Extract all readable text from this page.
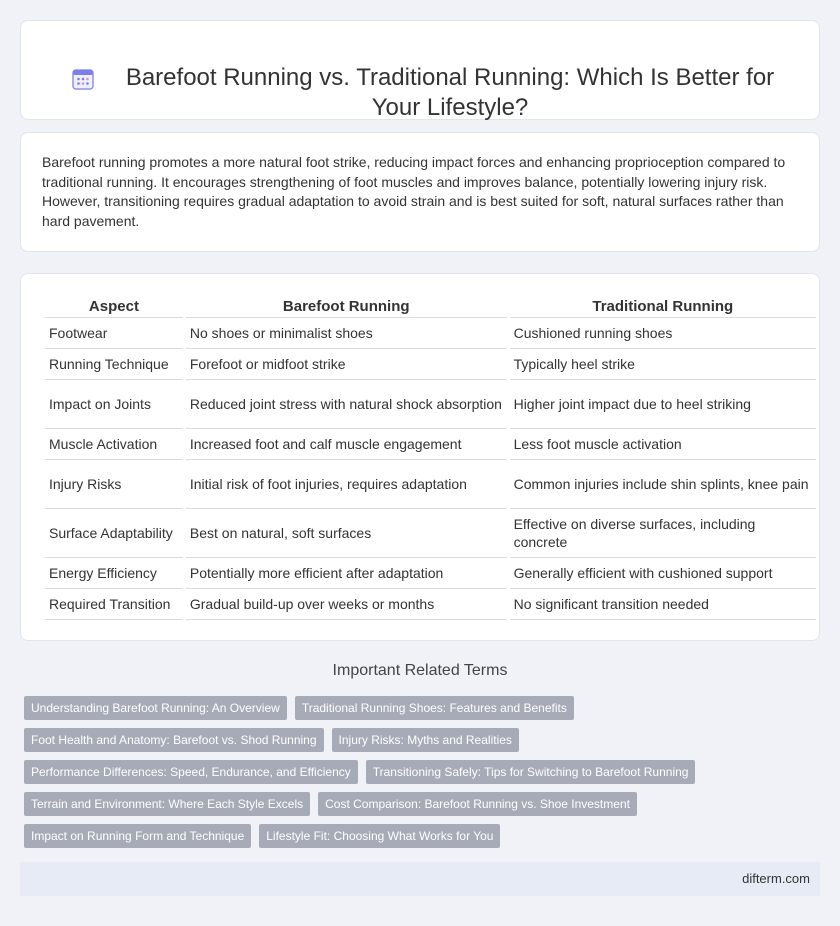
Barefoot Running vs. Traditional Running: Which Is Better for Your Lifestyle?

Barefoot running promotes a more natural foot strike, reducing impact forces and enhancing proprioception compared to traditional running. It encourages strengthening of foot muscles and improves balance, potentially lowering injury risk. However, transitioning requires gradual adaptation to avoid strain and is best suited for soft, natural surfaces rather than hard pavement.

Aspect	Barefoot Running	Traditional Running
Footwear	No shoes or minimalist shoes	Cushioned running shoes
Running Technique	Forefoot or midfoot strike	Typically heel strike
Impact on Joints	Reduced joint stress with natural shock absorption	Higher joint impact due to heel striking
Muscle Activation	Increased foot and calf muscle engagement	Less foot muscle activation
Injury Risks	Initial risk of foot injuries, requires adaptation	Common injuries include shin splints, knee pain
Surface Adaptability	Best on natural, soft surfaces	Effective on diverse surfaces, including concrete
Energy Efficiency	Potentially more efficient after adaptation	Generally efficient with cushioned support
Required Transition	Gradual build-up over weeks or months	No significant transition needed
Important Related Terms
Understanding Barefoot Running: An Overview	Traditional Running Shoes: Features and Benefits
Foot Health and Anatomy: Barefoot vs. Shod Running	Injury Risks: Myths and Realities
Performance Differences: Speed, Endurance, and Efficiency	Transitioning Safely: Tips for Switching to Barefoot Running
Terrain and Environment: Where Each Style Excels	Cost Comparison: Barefoot Running vs. Shoe Investment
Impact on Running Form and Technique	Lifestyle Fit: Choosing What Works for You
difterm.com
